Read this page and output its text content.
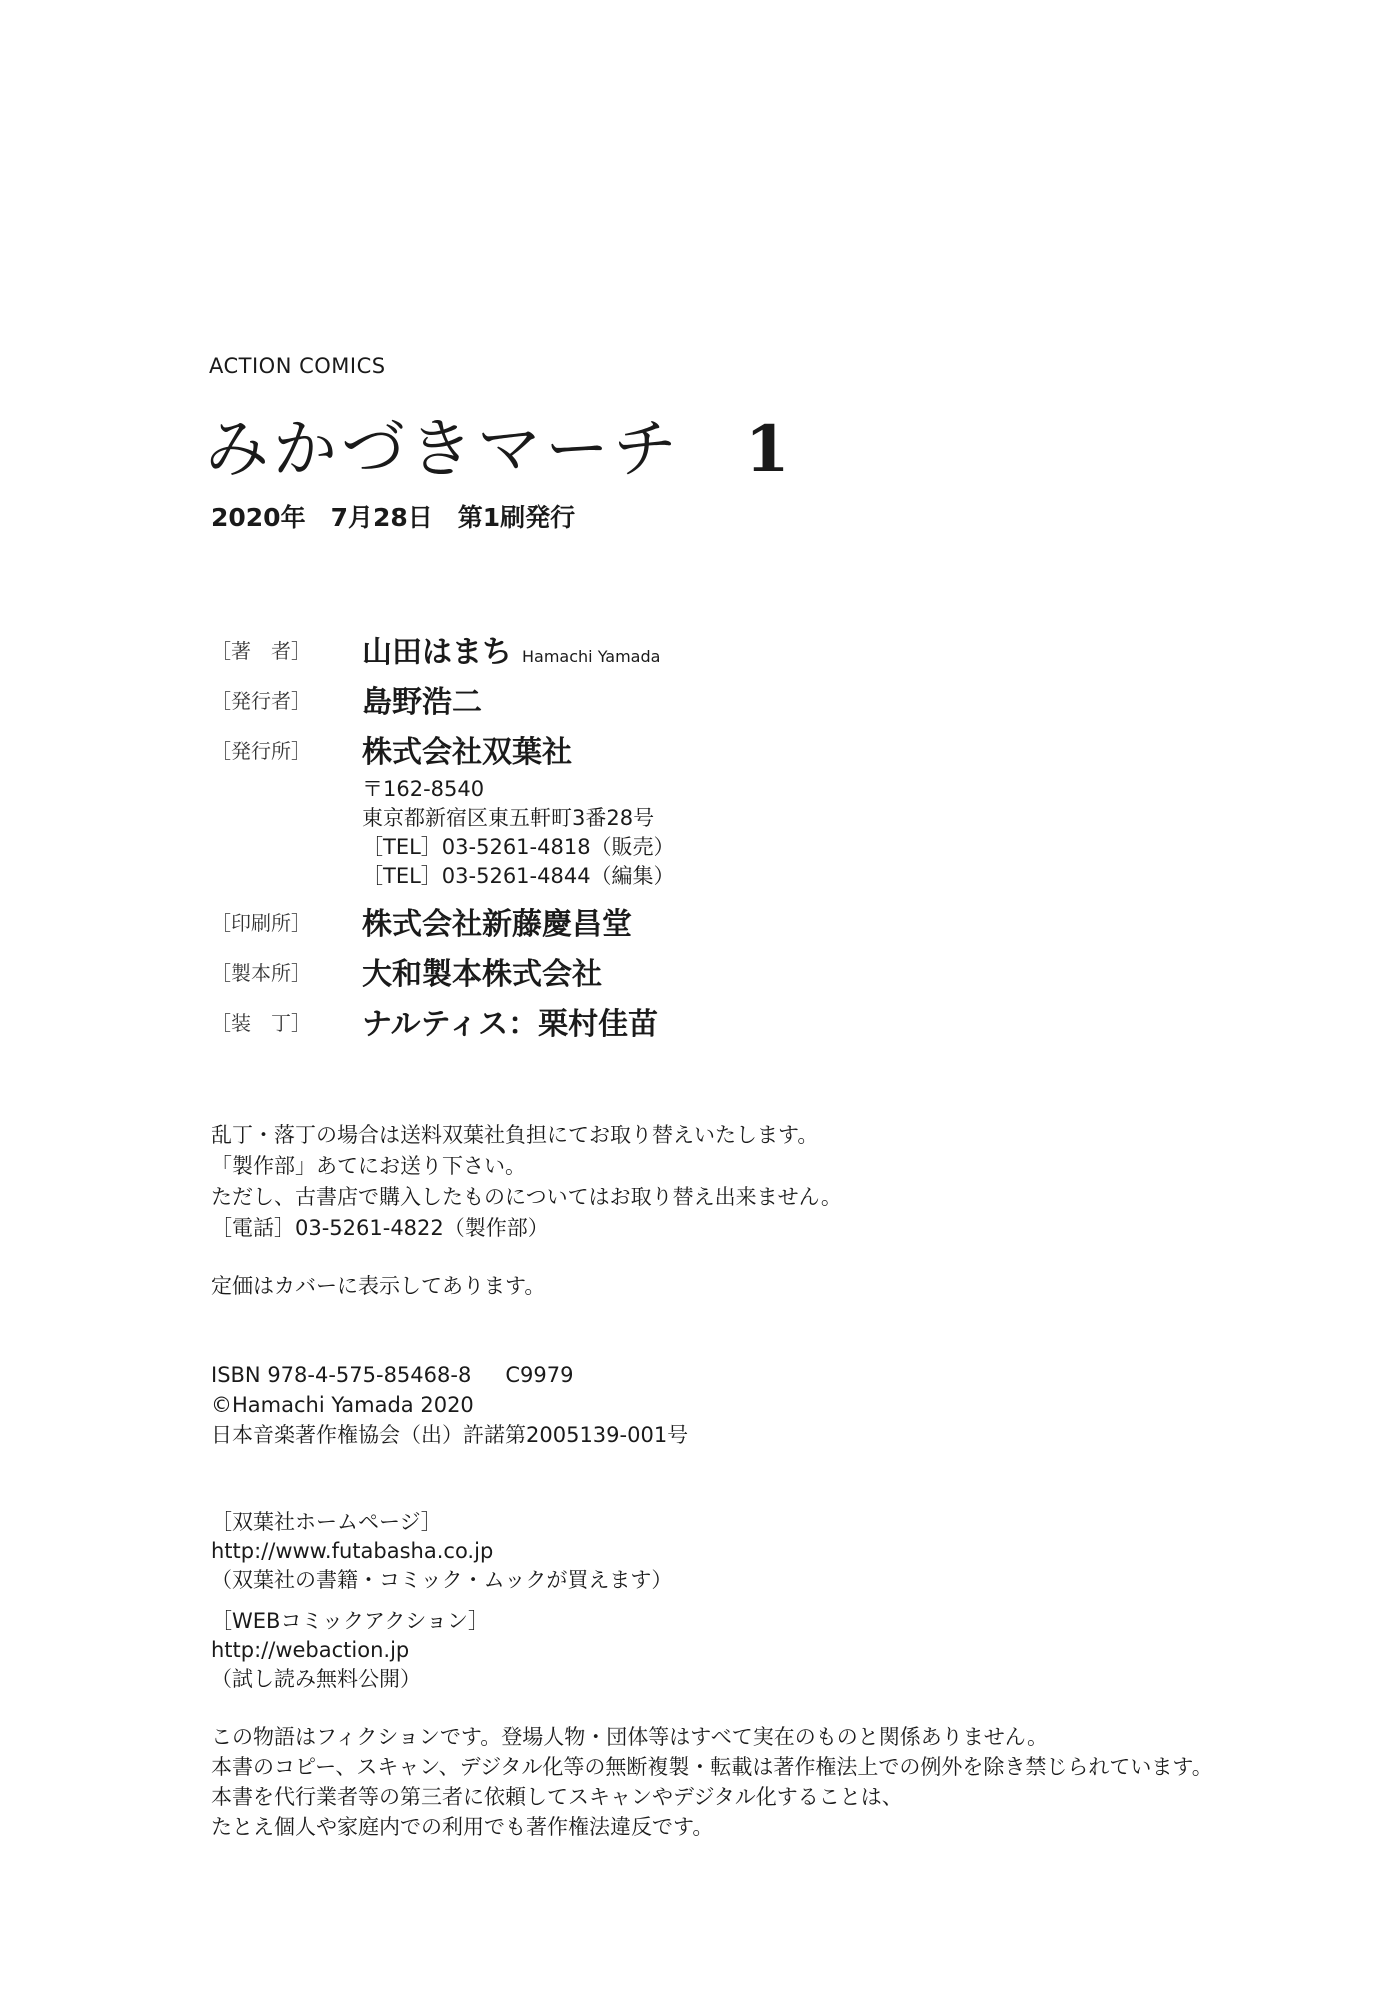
ACTION COMICS
みかづきマーチ 1
2020年　7月28日　第1刷発行
［著　者］ 山田はまち Hamachi Yamada
［発行者］ 島野浩二
［発行所］ 株式会社双葉社
〒162-8540
東京都新宿区東五軒町3番28号
［TEL］03-5261-4818（販売）
［TEL］03-5261-4844（編集）
［印刷所］ 株式会社新藤慶昌堂
［製本所］ 大和製本株式会社
［装　丁］ ナルティス：栗村佳苗
乱丁・落丁の場合は送料双葉社負担にてお取り替えいたします。
「製作部」あてにお送り下さい。
ただし、古書店で購入したものについてはお取り替え出来ません。
［電話］03-5261-4822（製作部）
定価はカバーに表示してあります。
ISBN 978-4-575-85468-8 C9979
©Hamachi Yamada 2020
日本音楽著作権協会（出）許諾第2005139-001号
［双葉社ホームページ］
http://www.futabasha.co.jp
（双葉社の書籍・コミック・ムックが買えます）
［WEBコミックアクション］
http://webaction.jp
（試し読み無料公開）
この物語はフィクションです。登場人物・団体等はすべて実在のものと関係ありません。
本書のコピー、スキャン、デジタル化等の無断複製・転載は著作権法上での例外を除き禁じられています。
本書を代行業者等の第三者に依頼してスキャンやデジタル化することは、
たとえ個人や家庭内での利用でも著作権法違反です。
